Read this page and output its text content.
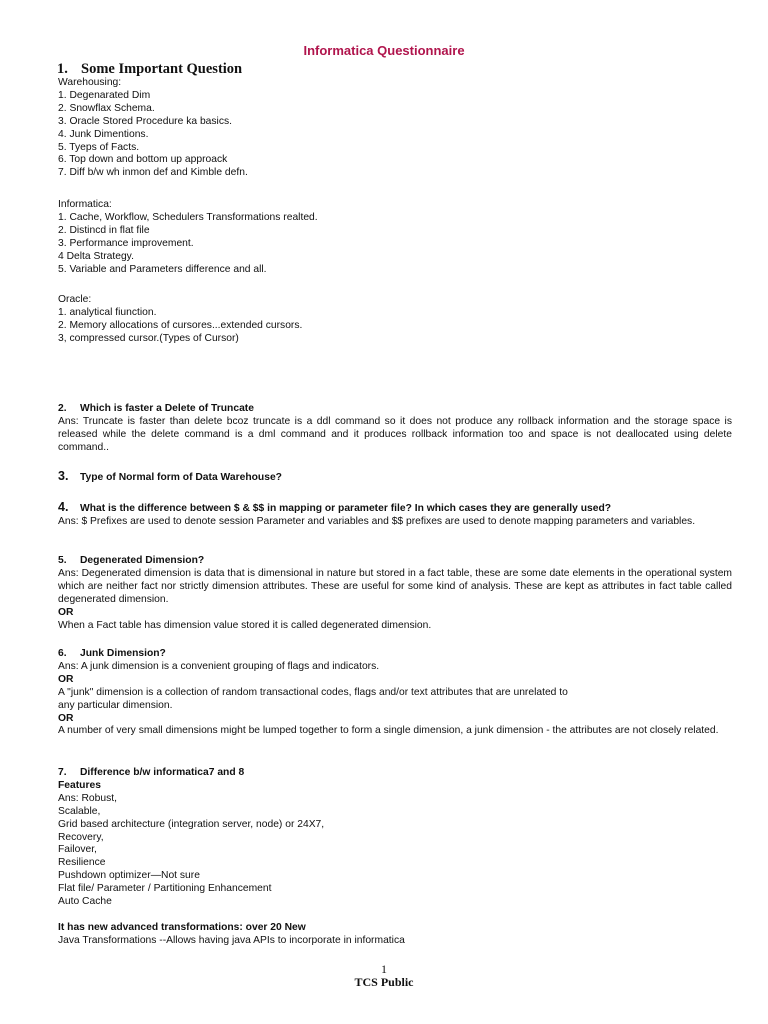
Informatica Questionnaire
1. Some Important Question
Warehousing:
1. Degenarated Dim
2. Snowflax Schema.
3. Oracle Stored Procedure ka basics.
4. Junk Dimentions.
5. Tyeps of Facts.
6. Top down and bottom up approack
7. Diff b/w wh inmon def and Kimble defn.
Informatica:
1. Cache, Workflow, Schedulers Transformations realted.
2. Distincd in flat file
3. Performance improvement.
4 Delta Strategy.
5. Variable and Parameters difference and all.
Oracle:
1. analytical fiunction.
2. Memory allocations of cursores...extended cursors.
3, compressed cursor.(Types of Cursor)
2. Which is faster a Delete of Truncate
Ans: Truncate is faster than delete bcoz truncate is a ddl command so it does not produce any rollback information and the storage space is released while the delete command is a dml command and it produces rollback information too and space is not deallocated using delete command..
3. Type of Normal form of Data Warehouse?
4. What is the difference between $ & $$ in mapping or parameter file? In which cases they are generally used?
Ans: $ Prefixes are used to denote session Parameter and variables and $$ prefixes are used to denote mapping parameters and variables.
5. Degenerated Dimension?
Ans: Degenerated dimension is data that is dimensional in nature but stored in a fact table, these are some date elements in the operational system which are neither fact nor strictly dimension attributes. These are useful for some kind of analysis. These are kept as attributes in fact table called degenerated dimension.
OR
When a Fact table has dimension value stored it is called degenerated dimension.
6. Junk Dimension?
Ans: A junk dimension is a convenient grouping of flags and indicators.
OR
A "junk" dimension is a collection of random transactional codes, flags and/or text attributes that are unrelated to
any particular dimension.
OR
A number of very small dimensions might be lumped together to form a single dimension, a junk dimension - the attributes are not closely related.
7. Difference b/w informatica7 and 8
Features
Ans: Robust,
Scalable,
Grid based architecture (integration server, node) or 24X7,
Recovery,
Failover,
Resilience
Pushdown optimizer—Not sure
Flat file/ Parameter / Partitioning Enhancement
Auto Cache
It has new advanced transformations: over 20 New
Java Transformations --Allows having java APIs to incorporate in informatica
1
TCS Public
